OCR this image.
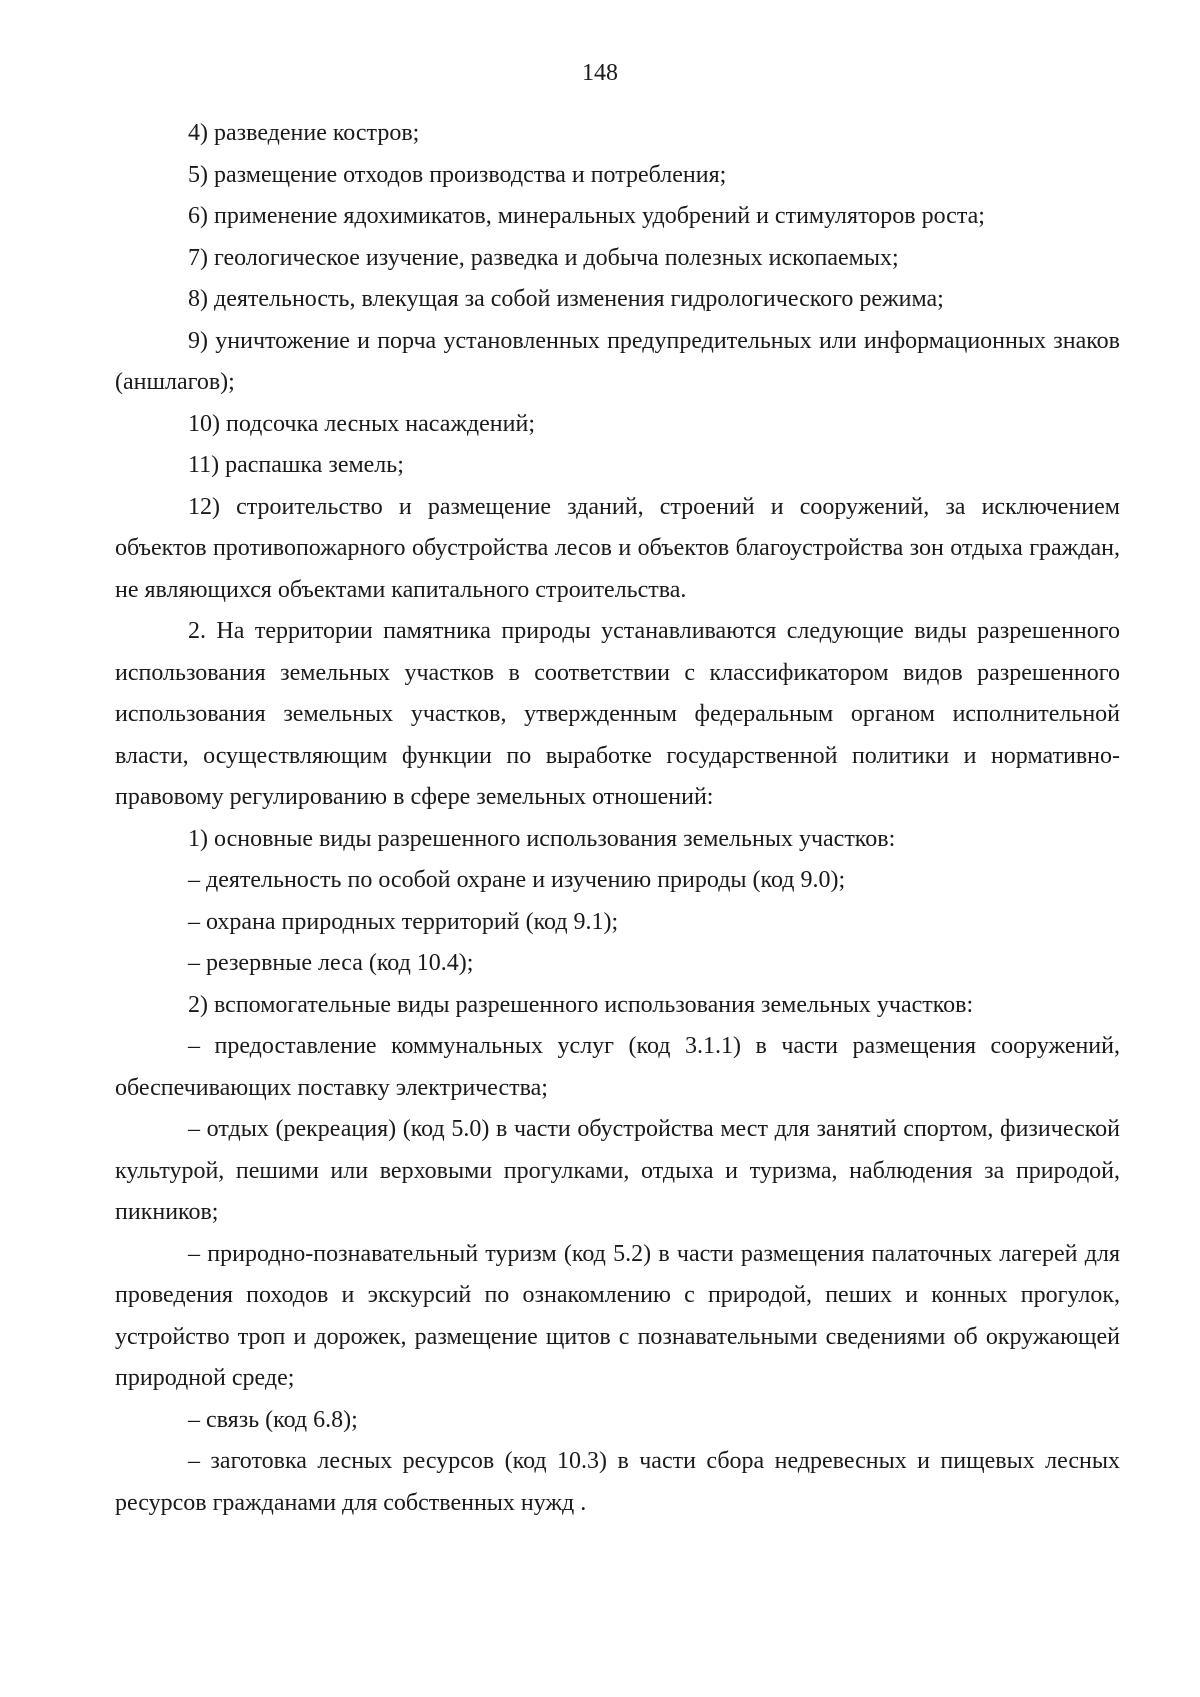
148

4) разведение костров;

5) размещение отходов производства и потребления;

6) применение ядохимикатов, минеральных удобрений и стимуляторов роста;

7) геологическое изучение, разведка и добыча полезных ископаемых;

8) деятельность, влекущая за собой изменения гидрологического режима;

9) уничтожение и порча установленных предупредительных или информационных знаков (аншлагов);

10) подсочка лесных насаждений;

11) распашка земель;

12) строительство и размещение зданий, строений и сооружений, за исключением объектов противопожарного обустройства лесов и объектов благоустройства зон отдыха граждан, не являющихся объектами капитального строительства.

2. На территории памятника природы устанавливаются следующие виды разрешенного использования земельных участков в соответствии с классификатором видов разрешенного использования земельных участков, утвержденным федеральным органом исполнительной власти, осуществляющим функции по выработке государственной политики и нормативно-правовому регулированию в сфере земельных отношений:

1) основные виды разрешенного использования земельных участков:

– деятельность по особой охране и изучению природы (код 9.0);

– охрана природных территорий (код 9.1);

– резервные леса (код 10.4);

2) вспомогательные виды разрешенного использования земельных участков:

– предоставление коммунальных услуг (код 3.1.1) в части размещения сооружений, обеспечивающих поставку электричества;

– отдых (рекреация) (код 5.0) в части обустройства мест для занятий спортом, физической культурой, пешими или верховыми прогулками, отдыха и туризма, наблюдения за природой, пикников;

– природно-познавательный туризм (код 5.2) в части размещения палаточных лагерей для проведения походов и экскурсий по ознакомлению с природой, пеших и конных прогулок, устройство троп и дорожек, размещение щитов с познавательными сведениями об окружающей природной среде;

– связь (код 6.8);

– заготовка лесных ресурсов (код 10.3) в части сбора недревесных и пищевых лесных ресурсов гражданами для собственных нужд .
